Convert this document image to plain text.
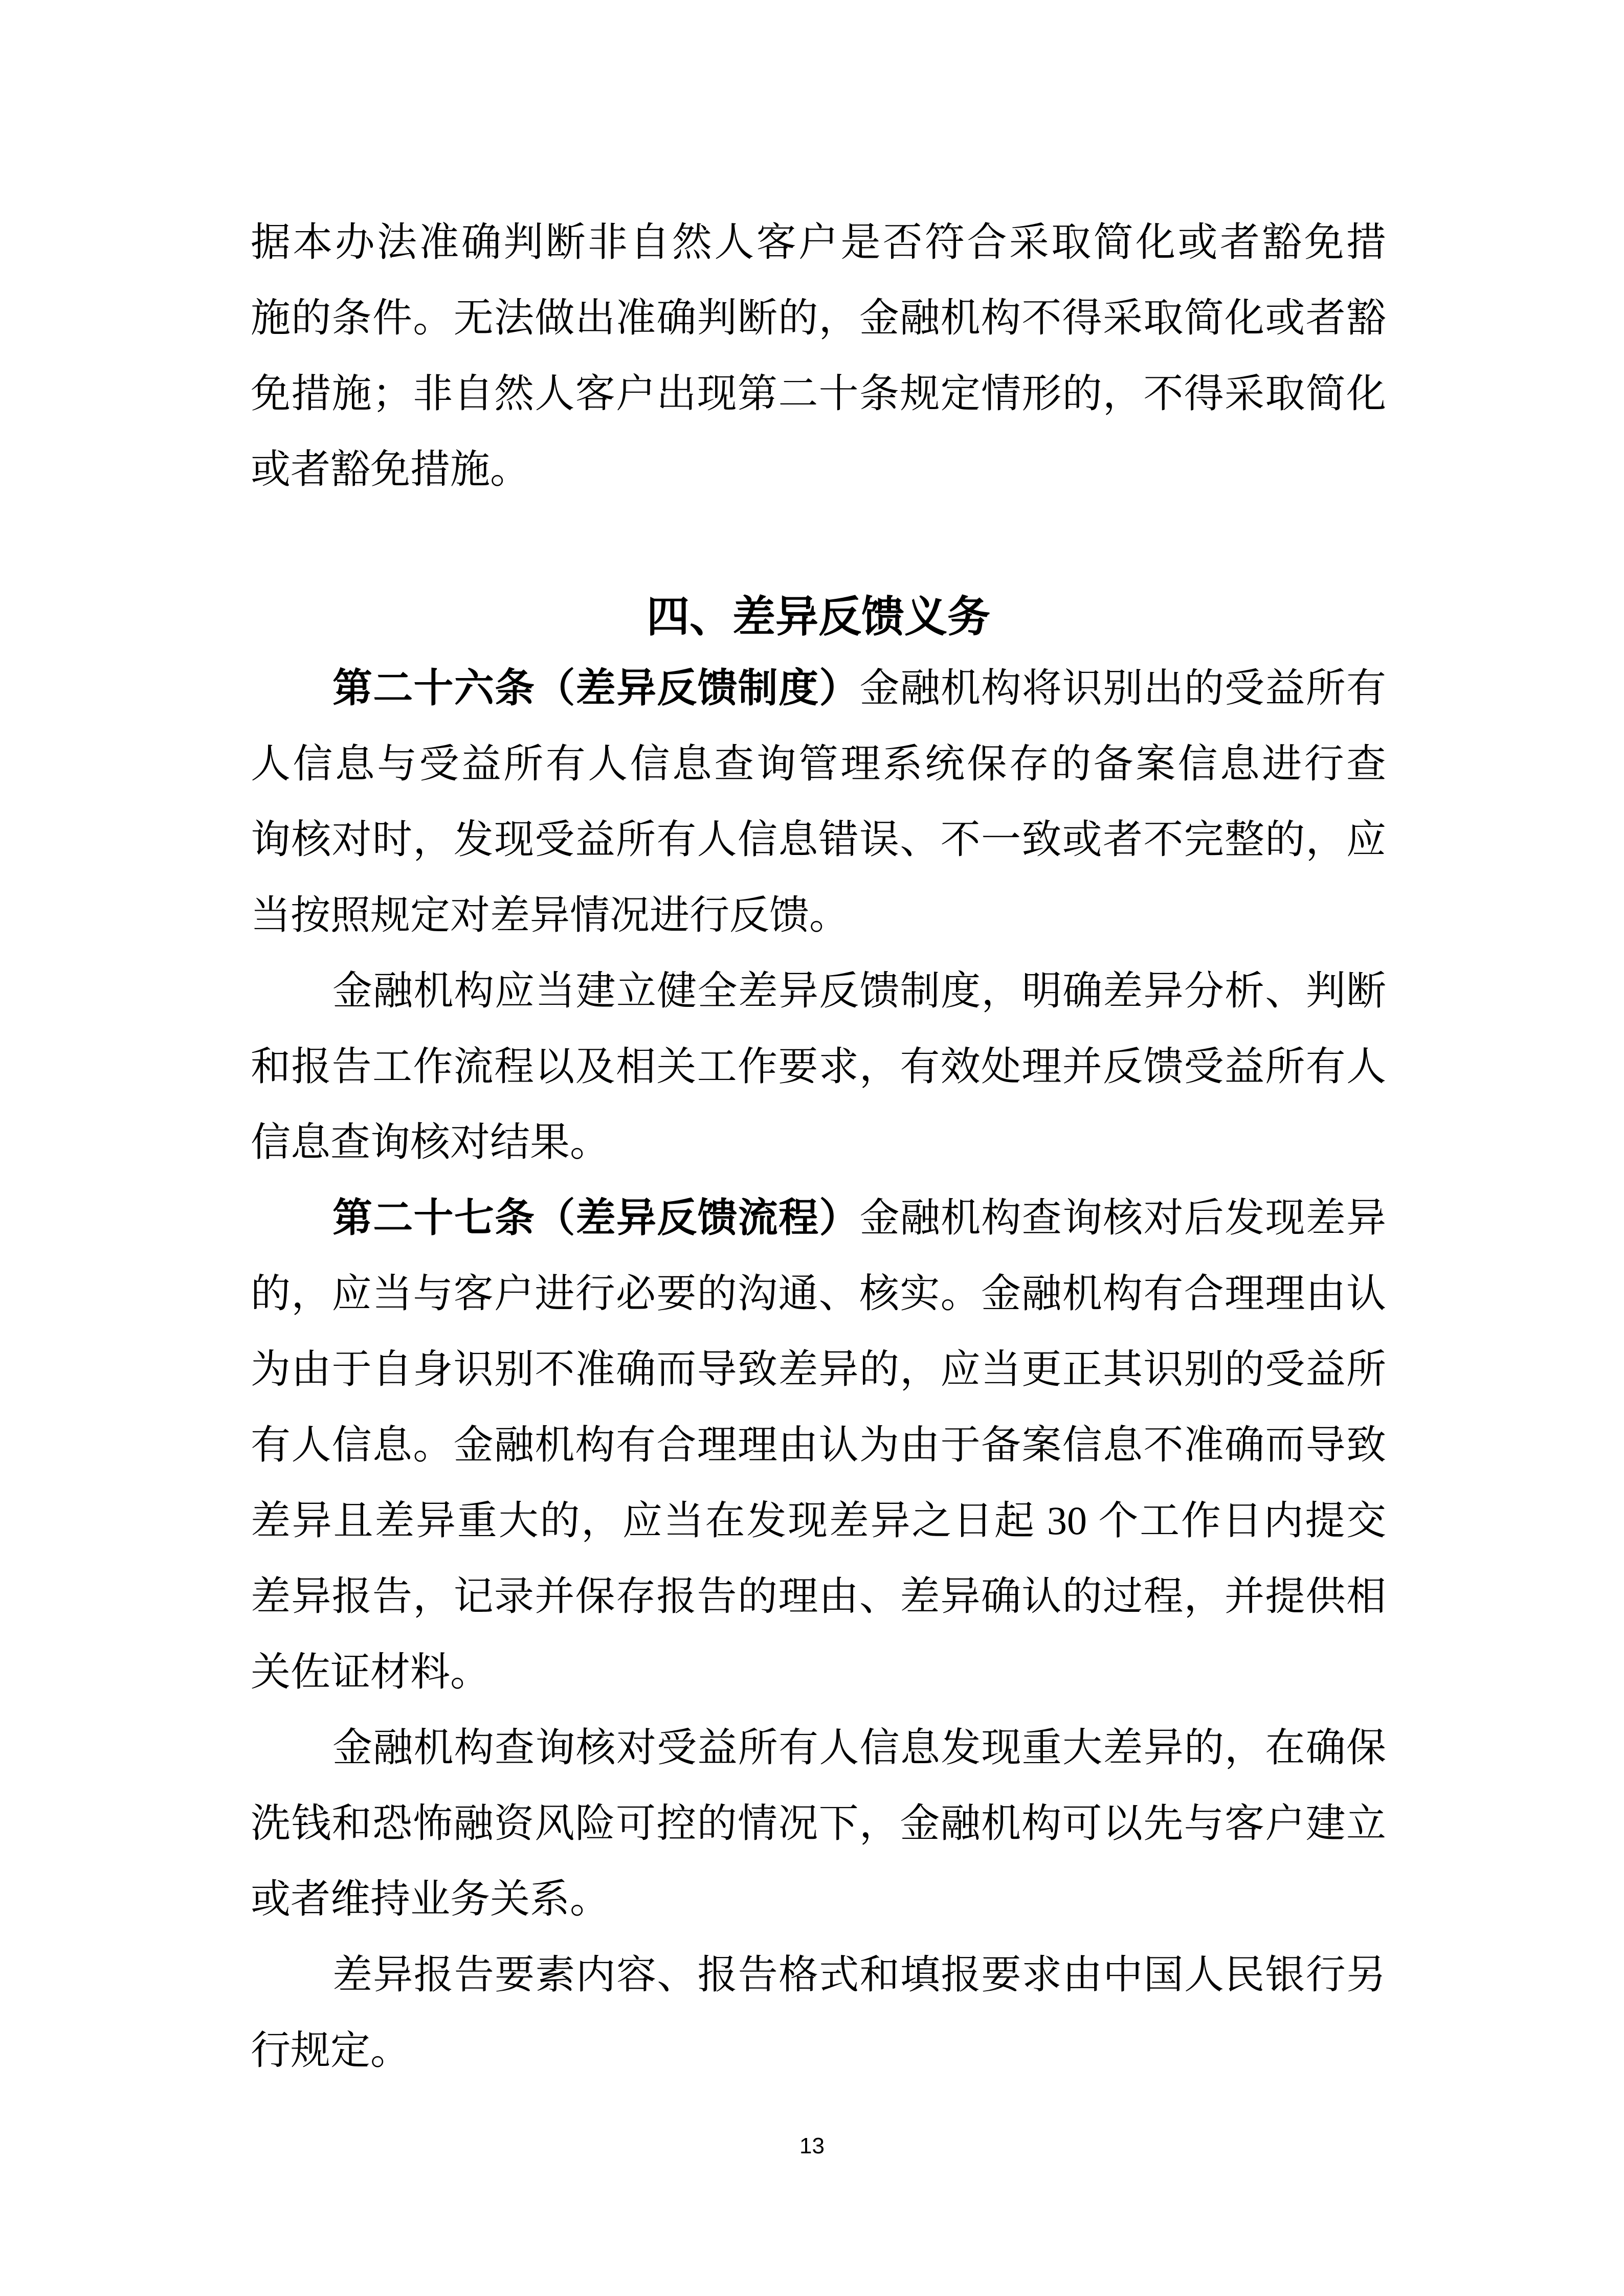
据本办法准确判断非自然人客户是否符合采取简化或者豁免措
施的条件。无法做出准确判断的，金融机构不得采取简化或者豁
免措施；非自然人客户出现第二十条规定情形的，不得采取简化
或者豁免措施。
四、差异反馈义务
第二十六条（差异反馈制度）金融机构将识别出的受益所有
人信息与受益所有人信息查询管理系统保存的备案信息进行查
询核对时，发现受益所有人信息错误、不一致或者不完整的，应
当按照规定对差异情况进行反馈。
金融机构应当建立健全差异反馈制度，明确差异分析、判断
和报告工作流程以及相关工作要求，有效处理并反馈受益所有人
信息查询核对结果。
第二十七条（差异反馈流程）金融机构查询核对后发现差异
的，应当与客户进行必要的沟通、核实。金融机构有合理理由认
为由于自身识别不准确而导致差异的，应当更正其识别的受益所
有人信息。金融机构有合理理由认为由于备案信息不准确而导致
差异且差异重大的，应当在发现差异之日起 30 个工作日内提交
差异报告，记录并保存报告的理由、差异确认的过程，并提供相
关佐证材料。
金融机构查询核对受益所有人信息发现重大差异的，在确保
洗钱和恐怖融资风险可控的情况下，金融机构可以先与客户建立
或者维持业务关系。
差异报告要素内容、报告格式和填报要求由中国人民银行另
行规定。
13
